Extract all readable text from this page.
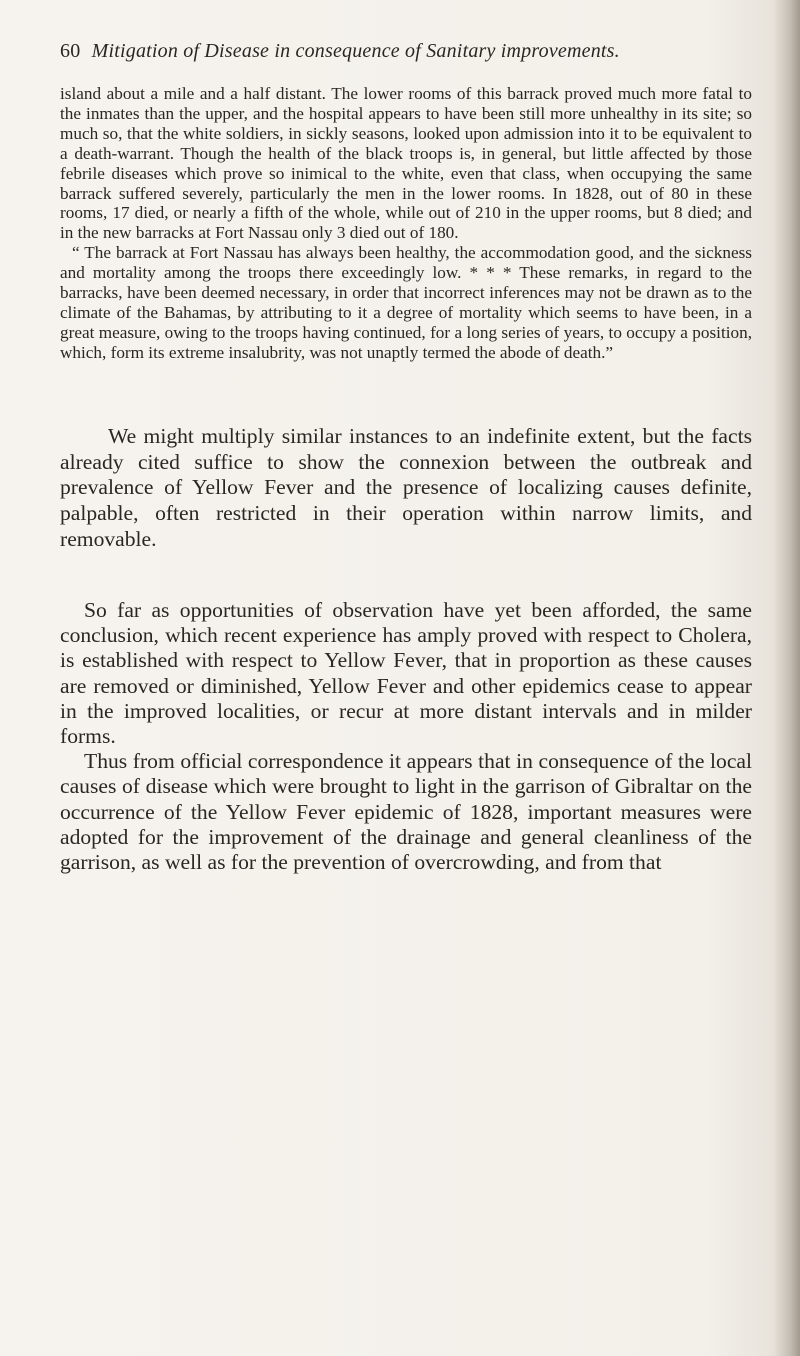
60 Mitigation of Disease in consequence of Sanitary improvements.

island about a mile and a half distant. The lower rooms of this barrack proved much more fatal to the inmates than the upper, and the hospital appears to have been still more unhealthy in its site; so much so, that the white soldiers, in sickly seasons, looked upon admission into it to be equivalent to a death-warrant. Though the health of the black troops is, in general, but little affected by those febrile diseases which prove so inimical to the white, even that class, when occupying the same barrack suffered severely, particularly the men in the lower rooms. In 1828, out of 80 in these rooms, 17 died, or nearly a fifth of the whole, while out of 210 in the upper rooms, but 8 died; and in the new barracks at Fort Nassau only 3 died out of 180.

“ The barrack at Fort Nassau has always been healthy, the accommodation good, and the sickness and mortality among the troops there exceedingly low. * * * These remarks, in regard to the barracks, have been deemed necessary, in order that incorrect inferences may not be drawn as to the climate of the Bahamas, by attributing to it a degree of mortality which seems to have been, in a great measure, owing to the troops having continued, for a long series of years, to occupy a position, which, form its extreme insalubrity, was not unaptly termed the abode of death.”

We might multiply similar instances to an indefinite extent, but the facts already cited suffice to show the connexion between the outbreak and prevalence of Yellow Fever and the presence of localizing causes definite, palpable, often restricted in their operation within narrow limits, and removable.

So far as opportunities of observation have yet been afforded, the same conclusion, which recent experience has amply proved with respect to Cholera, is established with respect to Yellow Fever, that in proportion as these causes are removed or diminished, Yellow Fever and other epidemics cease to appear in the improved localities, or recur at more distant intervals and in milder forms.

Thus from official correspondence it appears that in consequence of the local causes of disease which were brought to light in the garrison of Gibraltar on the occurrence of the Yellow Fever epidemic of 1828, important measures were adopted for the improvement of the drainage and general cleanliness of the garrison, as well as for the prevention of overcrowding, and from that
